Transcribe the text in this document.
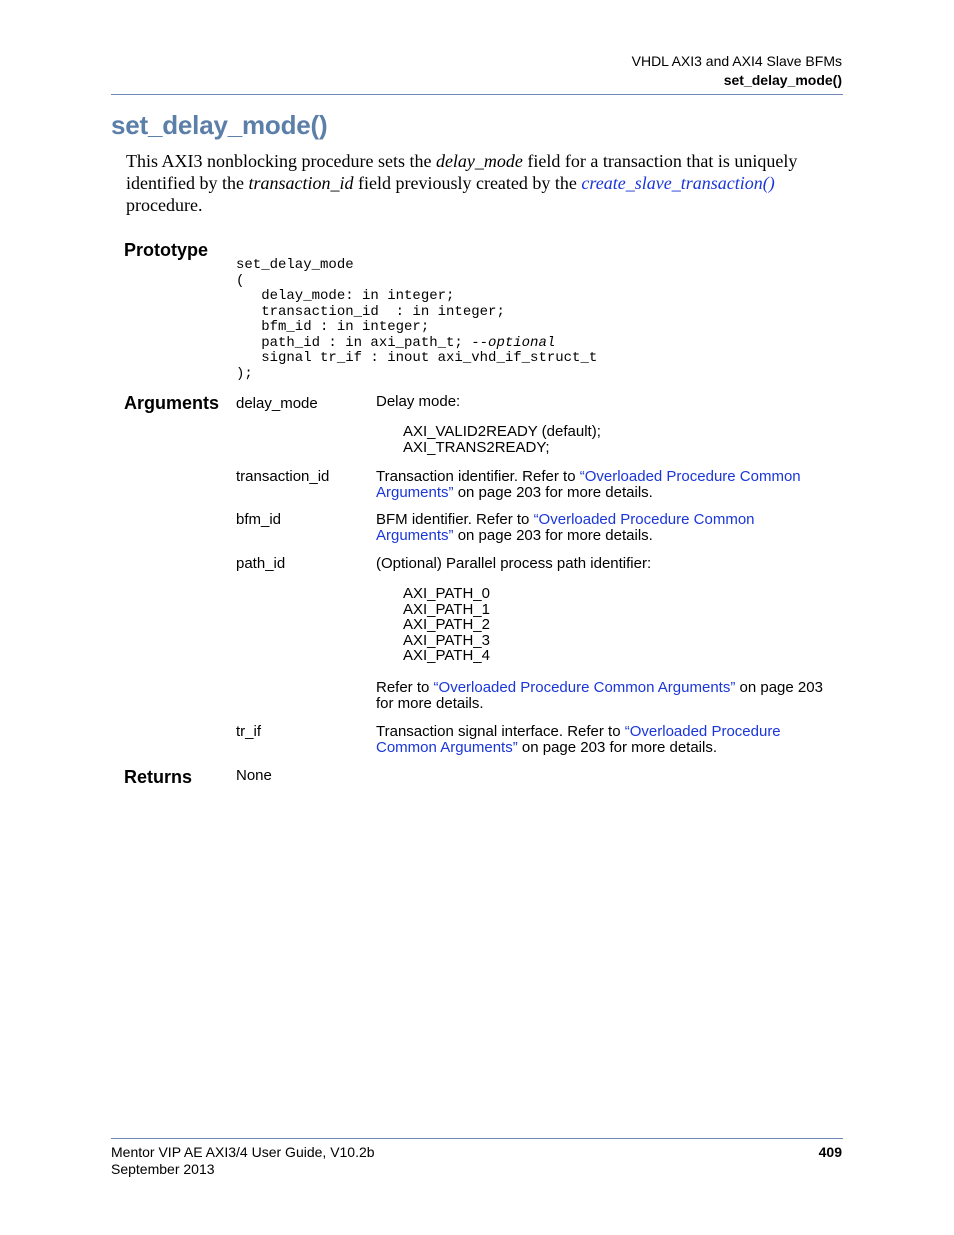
VHDL AXI3 and AXI4 Slave BFMs
set_delay_mode()
set_delay_mode()
This AXI3 nonblocking procedure sets the delay_mode field for a transaction that is uniquely
identified by the transaction_id field previously created by the create_slave_transaction()
procedure.
Prototype
set_delay_mode
(
delay_mode: in integer;
transaction_id  : in integer;
bfm_id : in integer;
path_id : in axi_path_t; --optional
signal tr_if : inout axi_vhd_if_struct_t
);
Arguments delay_mode	Delay mode:
AXI_VALID2READY (default);
AXI_TRANS2READY;
transaction_id	Transaction identifier. Refer to “Overloaded Procedure Common
Arguments” on page 203 for more details.
bfm_id	BFM identifier. Refer to “Overloaded Procedure Common
Arguments” on page 203 for more details.
path_id	(Optional) Parallel process path identifier:
AXI_PATH_0
AXI_PATH_1
AXI_PATH_2
AXI_PATH_3
AXI_PATH_4
Refer to “Overloaded Procedure Common Arguments” on page 203
for more details.
tr_if	Transaction signal interface. Refer to “Overloaded Procedure
Common Arguments” on page 203 for more details.
Returns	None
Mentor VIP AE AXI3/4 User Guide, V10.2b
September 2013
409
